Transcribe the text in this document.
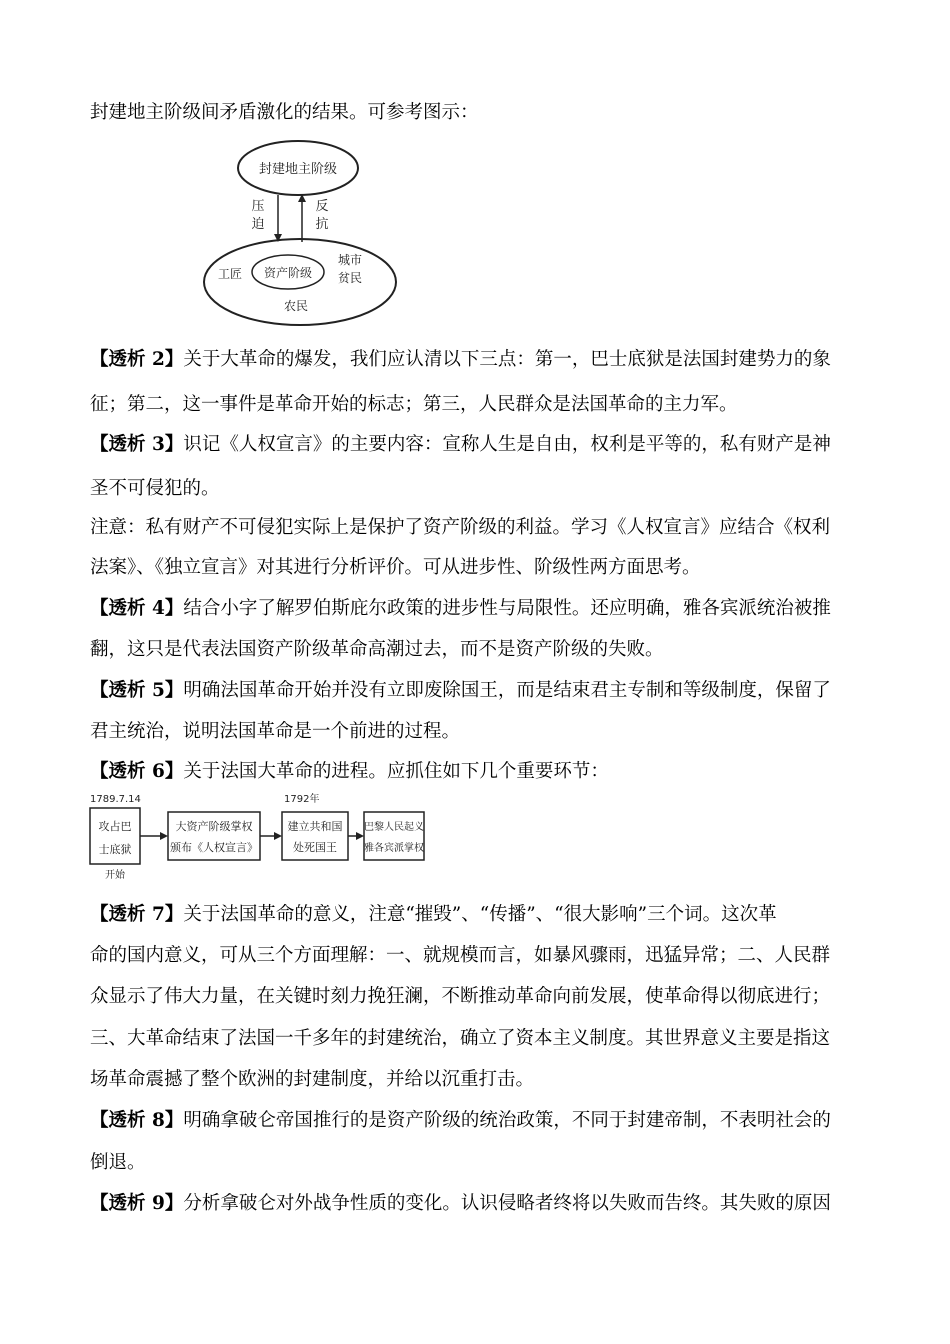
封建地主阶级间矛盾激化的结果。可参考图示：
封建地主阶级
压
迫
反
抗
资产阶级
工匠
城市
贫民
农民
【透析 2】关于大革命的爆发，我们应认清以下三点：第一，巴士底狱是法国封建势力的象
征；第二，这一事件是革命开始的标志；第三，人民群众是法国革命的主力军。
【透析 3】识记《人权宣言》的主要内容：宣称人生是自由，权利是平等的，私有财产是神
圣不可侵犯的。
注意：私有财产不可侵犯实际上是保护了资产阶级的利益。学习《人权宣言》应结合《权利
法案》、《独立宣言》对其进行分析评价。可从进步性、阶级性两方面思考。
【透析 4】结合小字了解罗伯斯庇尔政策的进步性与局限性。还应明确，雅各宾派统治被推
翻，这只是代表法国资产阶级革命高潮过去，而不是资产阶级的失败。
【透析 5】明确法国革命开始并没有立即废除国王，而是结束君主专制和等级制度，保留了
君主统治，说明法国革命是一个前进的过程。
【透析 6】关于法国大革命的进程。应抓住如下几个重要环节：
1789.7.14	1792年
攻占巴
士底狱
开始
大资产阶级掌权
颁布《人权宣言》
建立共和国
处死国王
巴黎人民起义
雅各宾派掌权
【透析 7】关于法国革命的意义，注意“摧毁”、“传播”、“很大影响”三个词。这次革
命的国内意义，可从三个方面理解：一、就规模而言，如暴风骤雨，迅猛异常；二、人民群
众显示了伟大力量，在关键时刻力挽狂澜，不断推动革命向前发展，使革命得以彻底进行；
三、大革命结束了法国一千多年的封建统治，确立了资本主义制度。其世界意义主要是指这
场革命震撼了整个欧洲的封建制度，并给以沉重打击。
【透析 8】明确拿破仑帝国推行的是资产阶级的统治政策，不同于封建帝制，不表明社会的
倒退。
【透析 9】分析拿破仑对外战争性质的变化。认识侵略者终将以失败而告终。其失败的原因
